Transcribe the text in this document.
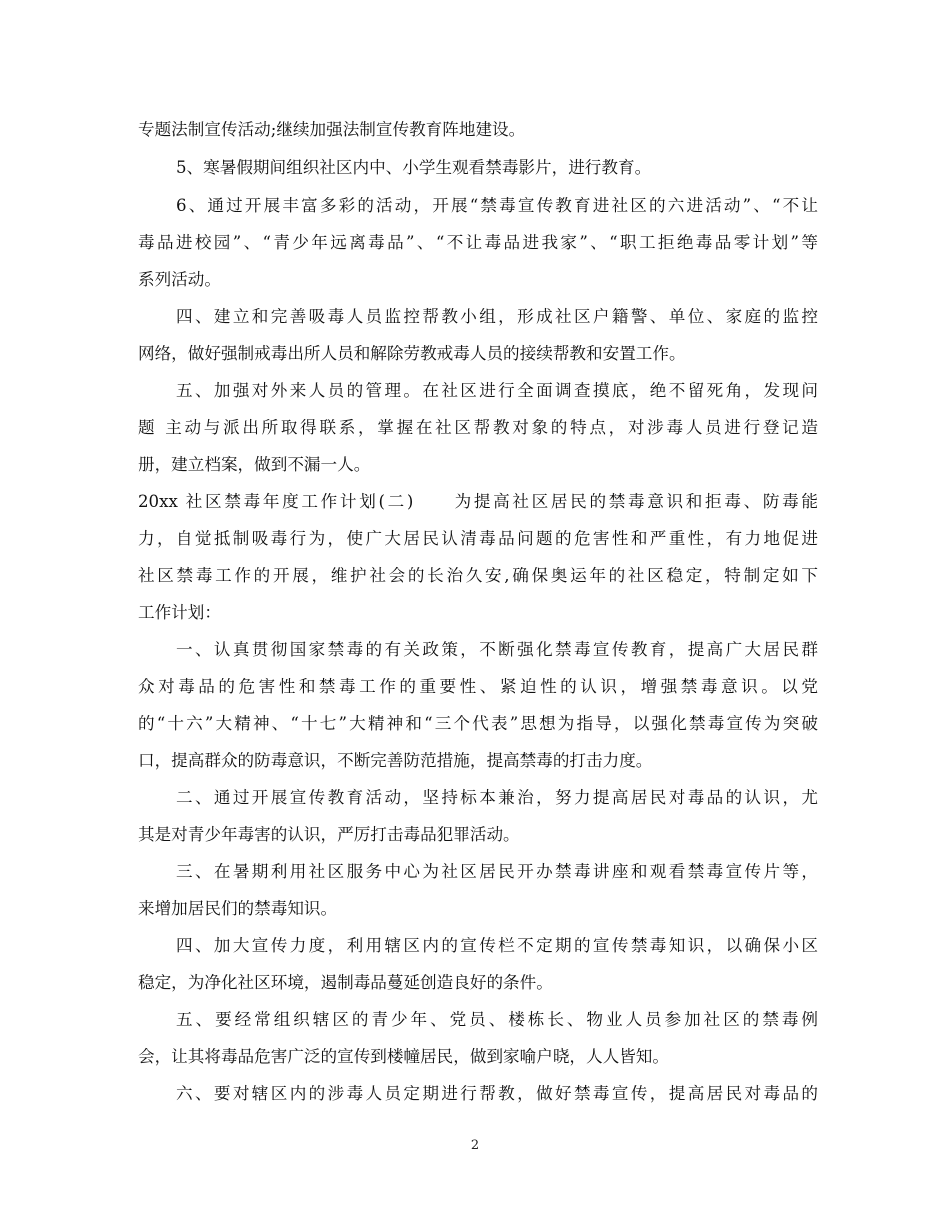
专题法制宣传活动;继续加强法制宣传教育阵地建设。
5、寒暑假期间组织社区内中、小学生观看禁毒影片，进行教育。
6、通过开展丰富多彩的活动，开展“禁毒宣传教育进社区的六进活动”、“不让
毒品进校园”、“青少年远离毒品”、“不让毒品进我家”、“职工拒绝毒品零计划”等
系列活动。
四、建立和完善吸毒人员监控帮教小组，形成社区户籍警、单位、家庭的监控
网络，做好强制戒毒出所人员和解除劳教戒毒人员的接续帮教和安置工作。
五、加强对外来人员的管理。在社区进行全面调查摸底，绝不留死角，发现问
题 主动与派出所取得联系，掌握在社区帮教对象的特点，对涉毒人员进行登记造
册，建立档案，做到不漏一人。
20xx 社区禁毒年度工作计划(二)　　为提高社区居民的禁毒意识和拒毒、防毒能
力，自觉抵制吸毒行为，使广大居民认清毒品问题的危害性和严重性，有力地促进
社区禁毒工作的开展，维护社会的长治久安,确保奥运年的社区稳定，特制定如下
工作计划：
一、认真贯彻国家禁毒的有关政策，不断强化禁毒宣传教育，提高广大居民群
众对毒品的危害性和禁毒工作的重要性、紧迫性的认识，增强禁毒意识。以党
的“十六”大精神、“十七”大精神和“三个代表”思想为指导，以强化禁毒宣传为突破
口，提高群众的防毒意识，不断完善防范措施，提高禁毒的打击力度。
二、通过开展宣传教育活动，坚持标本兼治，努力提高居民对毒品的认识，尤
其是对青少年毒害的认识，严厉打击毒品犯罪活动。
三、在暑期利用社区服务中心为社区居民开办禁毒讲座和观看禁毒宣传片等，
来增加居民们的禁毒知识。
四、加大宣传力度，利用辖区内的宣传栏不定期的宣传禁毒知识，以确保小区
稳定，为净化社区环境，遏制毒品蔓延创造良好的条件。
五、要经常组织辖区的青少年、党员、楼栋长、物业人员参加社区的禁毒例
会，让其将毒品危害广泛的宣传到楼幢居民，做到家喻户晓，人人皆知。
六、要对辖区内的涉毒人员定期进行帮教，做好禁毒宣传，提高居民对毒品的
2
